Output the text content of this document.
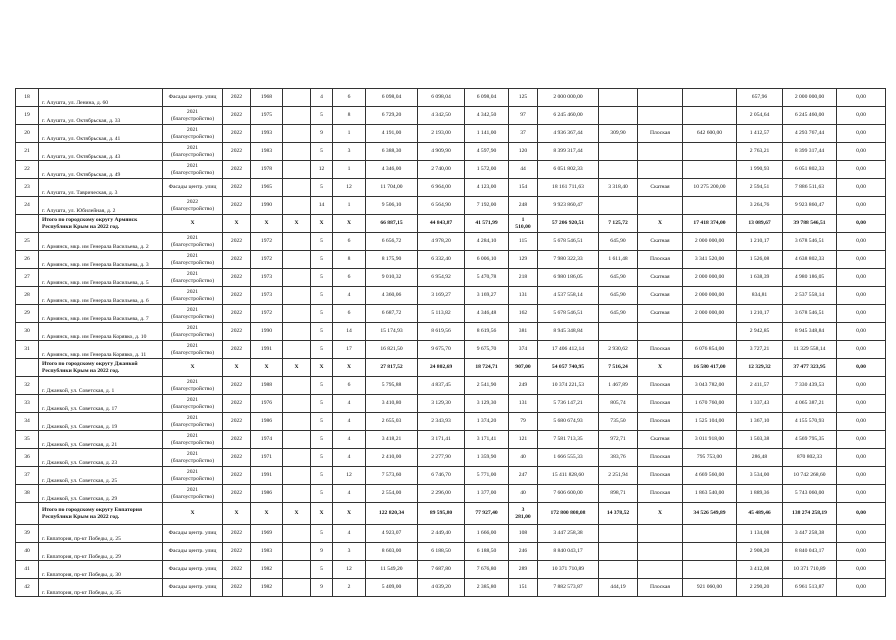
18	г. Алушта, ул. Ленина, д. 60	Фасады центр. улиц	2022	1968		4	6	6 098,04	6 098,04	6 098,04	125	2 000 000,00				657,96	2 000 000,00	0,00
19	г. Алушта, ул. Октябрьская, д. 33	2021
(благоустройство)	2022	1975		5	8	6 729,20	4 342,50	4 342,50	97	6 245 460,00				2 054,64	6 245 460,00	0,00
20	г. Алушта, ул. Октябрьская, д. 41	2021
(благоустройство)	2022	1993		9	1	4 191,00	2 193,00	1 141,00	37	4 936 367,44	309,90	Плоская	642 600,00	1 412,57	4 293 767,44	0,00
21	г. Алушта, ул. Октябрьская, д. 43	2021
(благоустройство)	2022	1983		5	3	6 388,30	4 909,90	4 597,90	120	8 399 317,44				2 763,21	8 399 317,44	0,00
22	г. Алушта, ул. Октябрьская, д. 49	2021
(благоустройство)	2022	1978		12	1	4 346,00	2 740,00	1 572,00	44	6 051 802,33				1 990,93	6 051 802,33	0,00
23	г. Алушта, ул. Таврическая, д. 3	Фасады центр. улиц	2022	1965		5	12	11 704,00	6 964,00	4 123,00	154	18 161 711,63	3 318,40	Скатная	10 275 200,00	2 594,51	7 886 511,63	0,00
24	г. Алушта, ул. Юбилейная, д. 2	2022
(благоустройство)	2022	1990		14	1	9 506,10	6 564,90	7 192,00	248	9 923 860,47				3 264,76	9 923 860,47	0,00
	Итого по городскому округу Армянск Республики Крым на 2022 год.	X	X	X	X	X	X	66 887,15	44 843,87	41 571,99	1
510,00	57 206 920,51	7 125,72	X	17 418 374,00	13 089,67	39 788 546,51	0,00
25	г. Армянск, мкр. им Генерала Васильева, д. 2	2021
(благоустройство)	2022	1972		5	6	6 656,72	4 978,20	4 284,10	115	5 678 546,51	645,90	Скатная	2 000 000,00	1 210,17	3 678 546,51	0,00
26	г. Армянск, мкр. им Генерала Васильева, д. 3	2021
(благоустройство)	2022	1972		5	8	8 175,90	6 332,40	6 006,10	129	7 980 322,33	1 611,48	Плоская	3 341 520,00	1 526,08	4 638 802,33	0,00
27	г. Армянск, мкр. им Генерала Васильева, д. 5	2021
(благоустройство)	2022	1973		5	6	9 010,32	6 954,92	5 470,78	218	6 980 186,05	645,90	Скатная	2 000 000,00	1 638,39	4 980 186,05	0,00
28	г. Армянск, мкр. им Генерала Васильева, д. 6	2021
(благоустройство)	2022	1973		5	4	4 360,06	3 169,27	3 169,27	131	4 537 558,14	645,90	Скатная	2 000 000,00	834,81	2 537 558,14	0,00
29	г. Армянск, мкр. им Генерала Васильева, д. 7	2021
(благоустройство)	2022	1972		5	6	6 687,72	5 113,82	4 346,48	162	5 678 546,51	645,90	Скатная	2 000 000,00	1 210,17	3 678 546,51	0,00
30	г. Армянск, мкр. им Генерала Корявко, д. 10	2021
(благоустройство)	2022	1990		5	14	15 174,93	8 619,56	8 619,56	381	8 945 348,84				2 942,85	8 945 348,84	0,00
31	г. Армянск, мкр. им Генерала Корявко, д. 11	2021
(благоустройство)	2022	1991		5	17	16 821,50	9 675,70	9 675,70	374	17 406 412,14	2 930,62	Плоская	6 076 854,00	3 727,21	11 329 558,14	0,00
	Итого по городскому округу Джанкой Республики Крым на 2022 год.	X	X	X	X	X	X	27 817,52	24 802,69	18 724,71	907,00	54 057 740,95	7 516,24	X	16 580 417,00	12 329,32	37 477 323,95	0,00
32	г. Джанкой, ул. Советская, д. 1	2021
(благоустройство)	2022	1988		5	6	5 795,88	4 837,45	2 541,90	249	10 374 221,53	1 467,89	Плоская	3 043 782,00	2 411,57	7 330 439,53	0,00
33	г. Джанкой, ул. Советская, д. 17	2021
(благоустройство)	2022	1976		5	4	3 410,80	3 129,30	3 129,30	131	5 736 147,21	805,74	Плоская	1 670 760,00	1 337,43	4 065 387,21	0,00
34	г. Джанкой, ул. Советская, д. 19	2021
(благоустройство)	2022	1986		5	4	2 655,03	2 343,93	1 374,20	79	5 680 674,93	735,50	Плоская	1 525 104,00	1 367,10	4 155 570,93	0,00
35	г. Джанкой, ул. Советская, д. 21	2021
(благоустройство)	2022	1974		5	4	3 418,21	3 171,41	3 171,41	121	7 581 713,35	972,71	Скатная	3 011 918,00	1 503,38	4 569 795,35	0,00
36	г. Джанкой, ул. Советская, д. 23	2021
(благоустройство)	2022	1971		5	4	2 410,00	2 277,90	1 359,90	40	1 666 555,33	383,76	Плоская	795 753,00	286,48	870 802,33	0,00
37	г. Джанкой, ул. Советская, д. 25	2021
(благоустройство)	2022	1991		5	12	7 573,60	6 746,70	5 771,00	247	15 411 828,60	2 251,94	Плоская	4 669 560,00	3 534,00	10 742 268,60	0,00
38	г. Джанкой, ул. Советская, д. 29	2021
(благоустройство)	2022	1986		5	4	2 554,00	2 296,00	1 377,00	40	7 606 600,00	898,71	Плоская	1 863 540,00	1 889,36	5 743 060,00	0,00
	Итого по городскому округу Евпатория Республики Крым на 2022 год.	X	X	X	X	X	X	122 820,34	89 595,80	77 927,40	3
281,00	172 800 808,08	14 378,52	X	34 526 549,89	45 489,46	138 274 258,19	0,00
39	г. Евпатория, пр-кт Победы, д. 25	Фасады центр. улиц	2022	1969		5	4	4 923,07	2 449,40	1 666,00	108	3 447 258,38				1 134,08	3 447 258,38	0,00
40	г. Евпатория, пр-кт Победы, д. 29	Фасады центр. улиц	2022	1983		9	3	8 603,00	6 188,50	6 188,50	246	8 840 043,17				2 908,20	8 840 043,17	0,00
41	г. Евпатория, пр-кт Победы, д. 30	Фасады центр. улиц	2022	1982		5	12	11 549,20	7 687,80	7 676,80	289	10 371 710,89				3 412,08	10 371 710,89	0,00
42	г. Евпатория, пр-кт Победы, д. 35	Фасады центр. улиц	2022	1982		9	2	5 409,00	4 039,20	2 385,80	151	7 882 573,87	444,19	Плоская	921 060,00	2 290,20	6 961 513,87	0,00
